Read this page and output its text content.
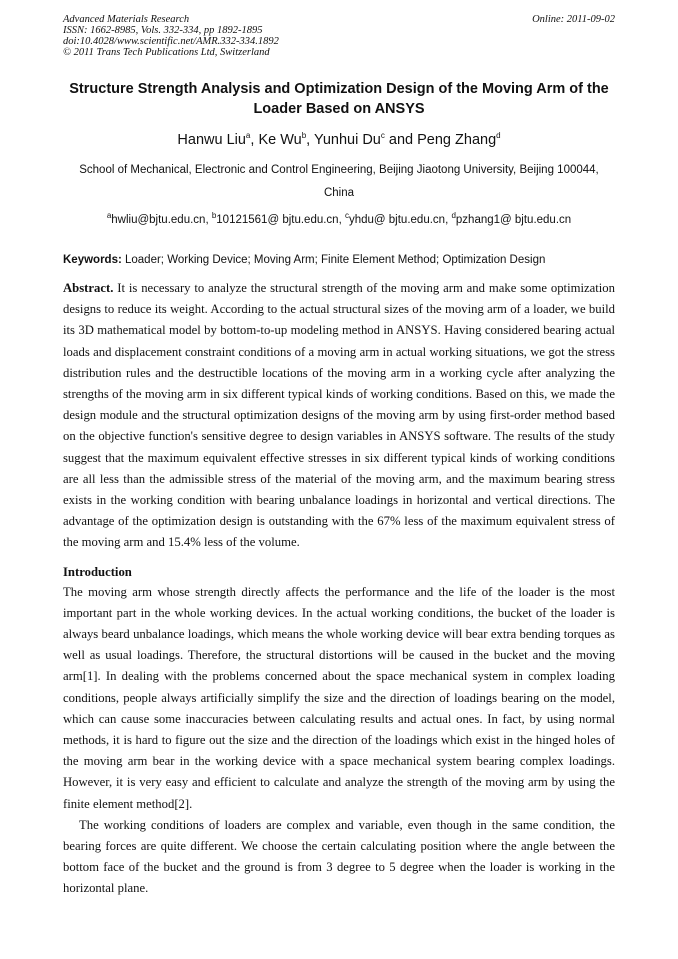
Advanced Materials Research	Online: 2011-09-02
ISSN: 1662-8985, Vols. 332-334, pp 1892-1895
doi:10.4028/www.scientific.net/AMR.332-334.1892
© 2011 Trans Tech Publications Ltd, Switzerland
Structure Strength Analysis and Optimization Design of the Moving Arm of the Loader Based on ANSYS
Hanwu Liu$^a$, Ke Wu$^b$, Yunhui Du$^c$ and Peng Zhang$^d$
School of Mechanical, Electronic and Control Engineering, Beijing Jiaotong University, Beijing 100044, China
$^a$hwliu@bjtu.edu.cn, $^b$10121561@ bjtu.edu.cn, $^c$yhdu@ bjtu.edu.cn, $^d$pzhang1@ bjtu.edu.cn
Keywords: Loader; Working Device; Moving Arm; Finite Element Method; Optimization Design
Abstract. It is necessary to analyze the structural strength of the moving arm and make some optimization designs to reduce its weight. According to the actual structural sizes of the moving arm of a loader, we build its 3D mathematical model by bottom-to-up modeling method in ANSYS. Having considered bearing actual loads and displacement constraint conditions of a moving arm in actual working situations, we got the stress distribution rules and the destructible locations of the moving arm in a working cycle after analyzing the strengths of the moving arm in six different typical kinds of working conditions. Based on this, we made the design module and the structural optimization designs of the moving arm by using first-order method based on the objective function's sensitive degree to design variables in ANSYS software. The results of the study suggest that the maximum equivalent effective stresses in six different typical kinds of working conditions are all less than the admissible stress of the material of the moving arm, and the maximum bearing stress exists in the working condition with bearing unbalance loadings in horizontal and vertical directions. The advantage of the optimization design is outstanding with the 67% less of the maximum equivalent stress of the moving arm and 15.4% less of the volume.
Introduction
The moving arm whose strength directly affects the performance and the life of the loader is the most important part in the whole working devices. In the actual working conditions, the bucket of the loader is always beard unbalance loadings, which means the whole working device will bear extra bending torques as well as usual loadings. Therefore, the structural distortions will be caused in the bucket and the moving arm[1]. In dealing with the problems concerned about the space mechanical system in complex loading conditions, people always artificially simplify the size and the direction of loadings bearing on the model, which can cause some inaccuracies between calculating results and actual ones. In fact, by using normal methods, it is hard to figure out the size and the direction of the loadings which exist in the hinged holes of the moving arm bear in the working device with a space mechanical system bearing complex loadings. However, it is very easy and efficient to calculate and analyze the strength of the moving arm by using the finite element method[2].
The working conditions of loaders are complex and variable, even though in the same condition, the bearing forces are quite different. We choose the certain calculating position where the angle between the bottom face of the bucket and the ground is from 3 degree to 5 degree when the loader is working in the horizontal plane.
